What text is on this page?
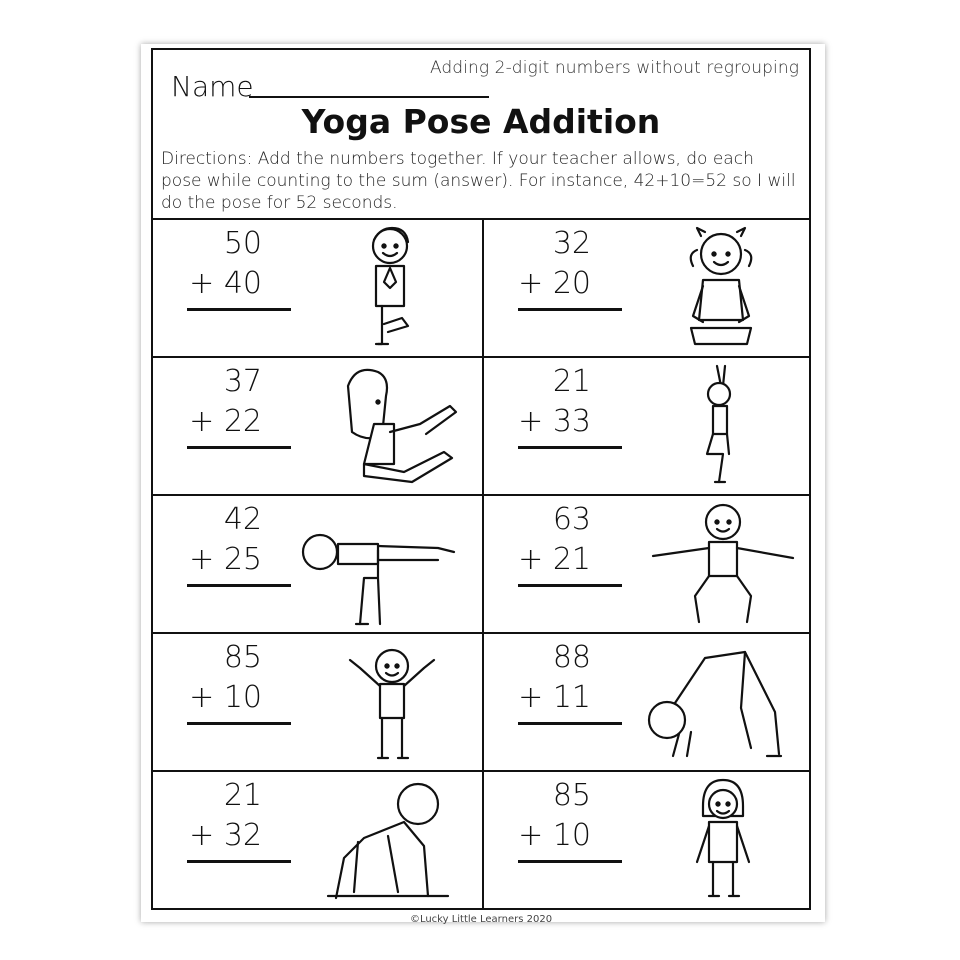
Adding 2-digit numbers without regrouping
Name
Yoga Pose Addition
Directions: Add the numbers together. If your teacher allows, do each pose while counting to the sum (answer). For instance, 42+10=52 so I will do the pose for 52 seconds.
50
+ 40
32
+ 20
37
+ 22
21
+ 33
42
+ 25
63
+ 21
85
+ 10
88
+ 11
21
+ 32
85
+ 10
©Lucky Little Learners 2020
